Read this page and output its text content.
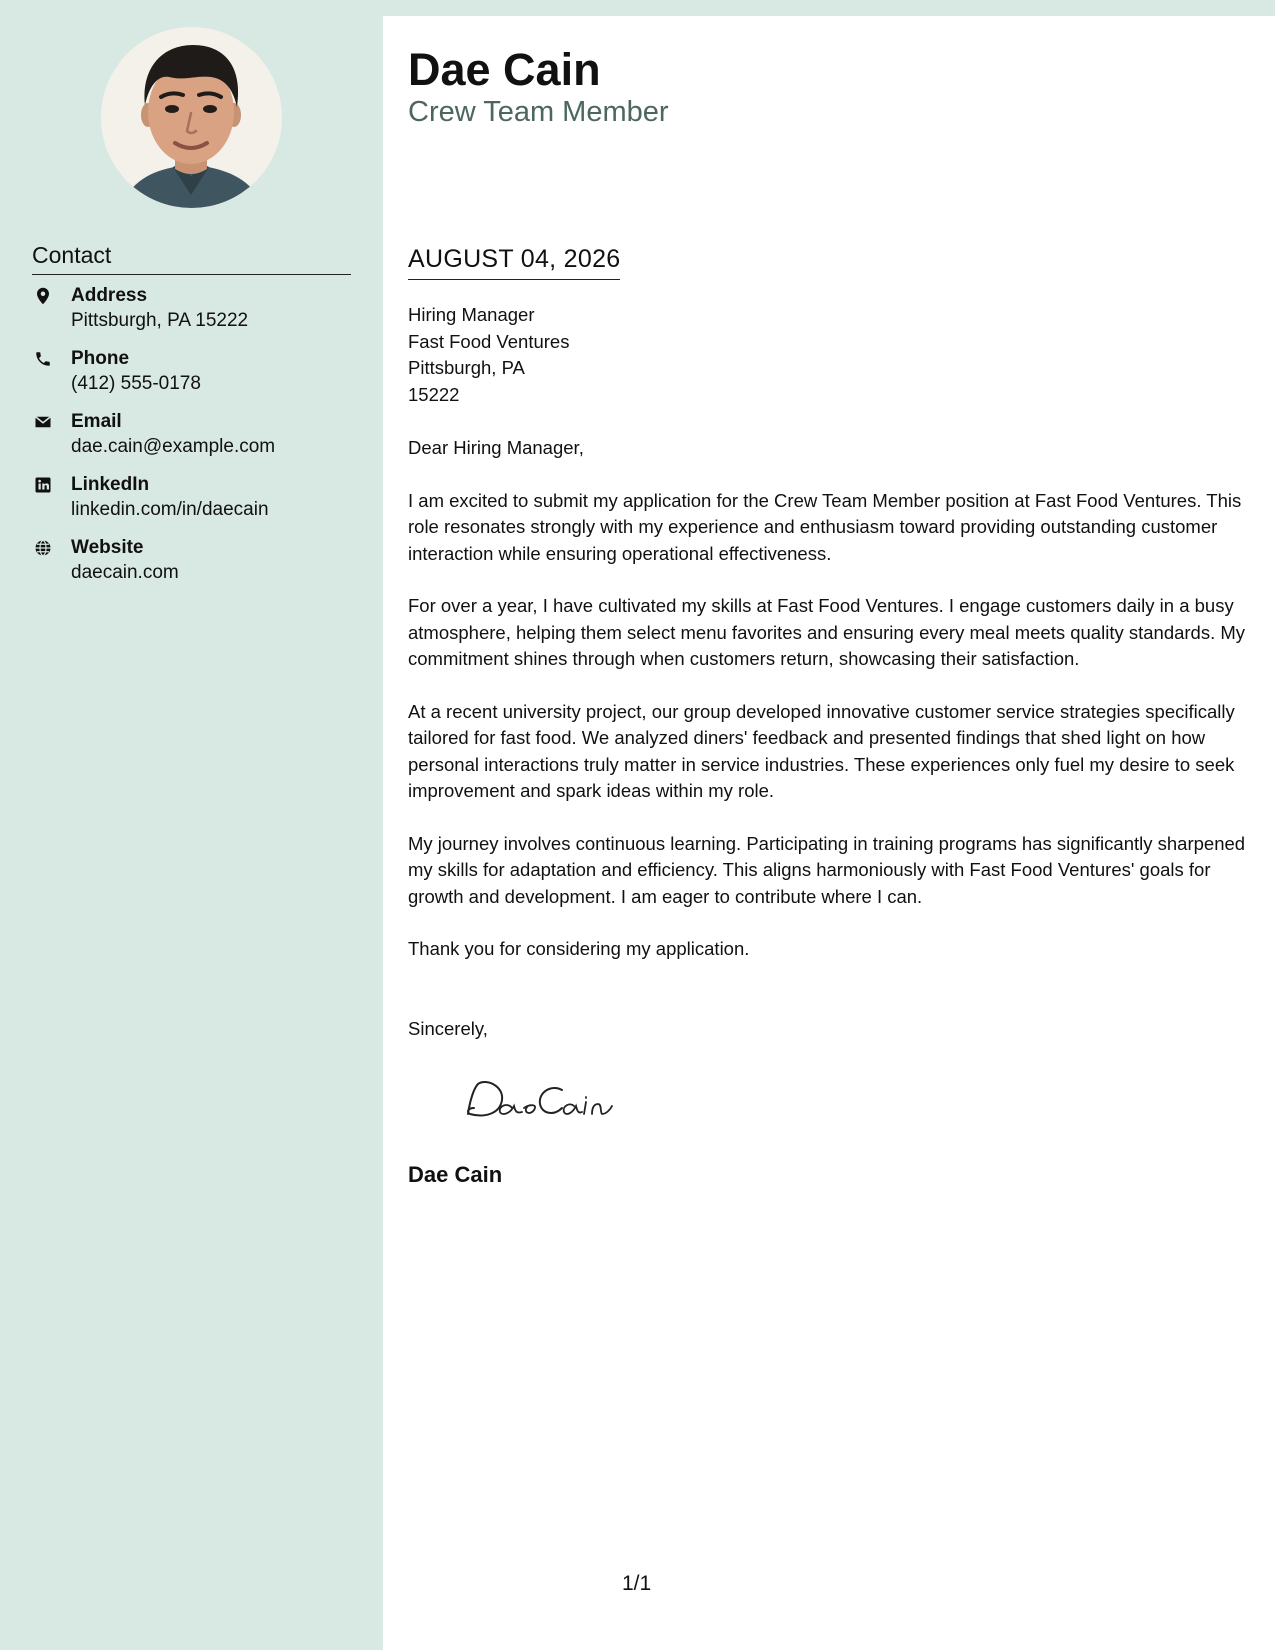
Contact
Address
Pittsburgh, PA 15222
Phone
(412) 555-0178
Email
dae.cain@example.com
LinkedIn
linkedin.com/in/daecain
Website
daecain.com
Dae Cain
Crew Team Member
AUGUST 04, 2026
Hiring Manager
Fast Food Ventures
Pittsburgh, PA
15222

Dear Hiring Manager,

I am excited to submit my application for the Crew Team Member position at Fast Food Ventures. This role resonates strongly with my experience and enthusiasm toward providing outstanding customer interaction while ensuring operational effectiveness.

For over a year, I have cultivated my skills at Fast Food Ventures. I engage customers daily in a busy atmosphere, helping them select menu favorites and ensuring every meal meets quality standards. My commitment shines through when customers return, showcasing their satisfaction.

At a recent university project, our group developed innovative customer service strategies specifically tailored for fast food. We analyzed diners' feedback and presented findings that shed light on how personal interactions truly matter in service industries. These experiences only fuel my desire to seek improvement and spark ideas within my role.

My journey involves continuous learning. Participating in training programs has significantly sharpened my skills for adaptation and efficiency. This aligns harmoniously with Fast Food Ventures' goals for growth and development. I am eager to contribute where I can.

Thank you for considering my application.

Sincerely,
Dae Cain
1/1
